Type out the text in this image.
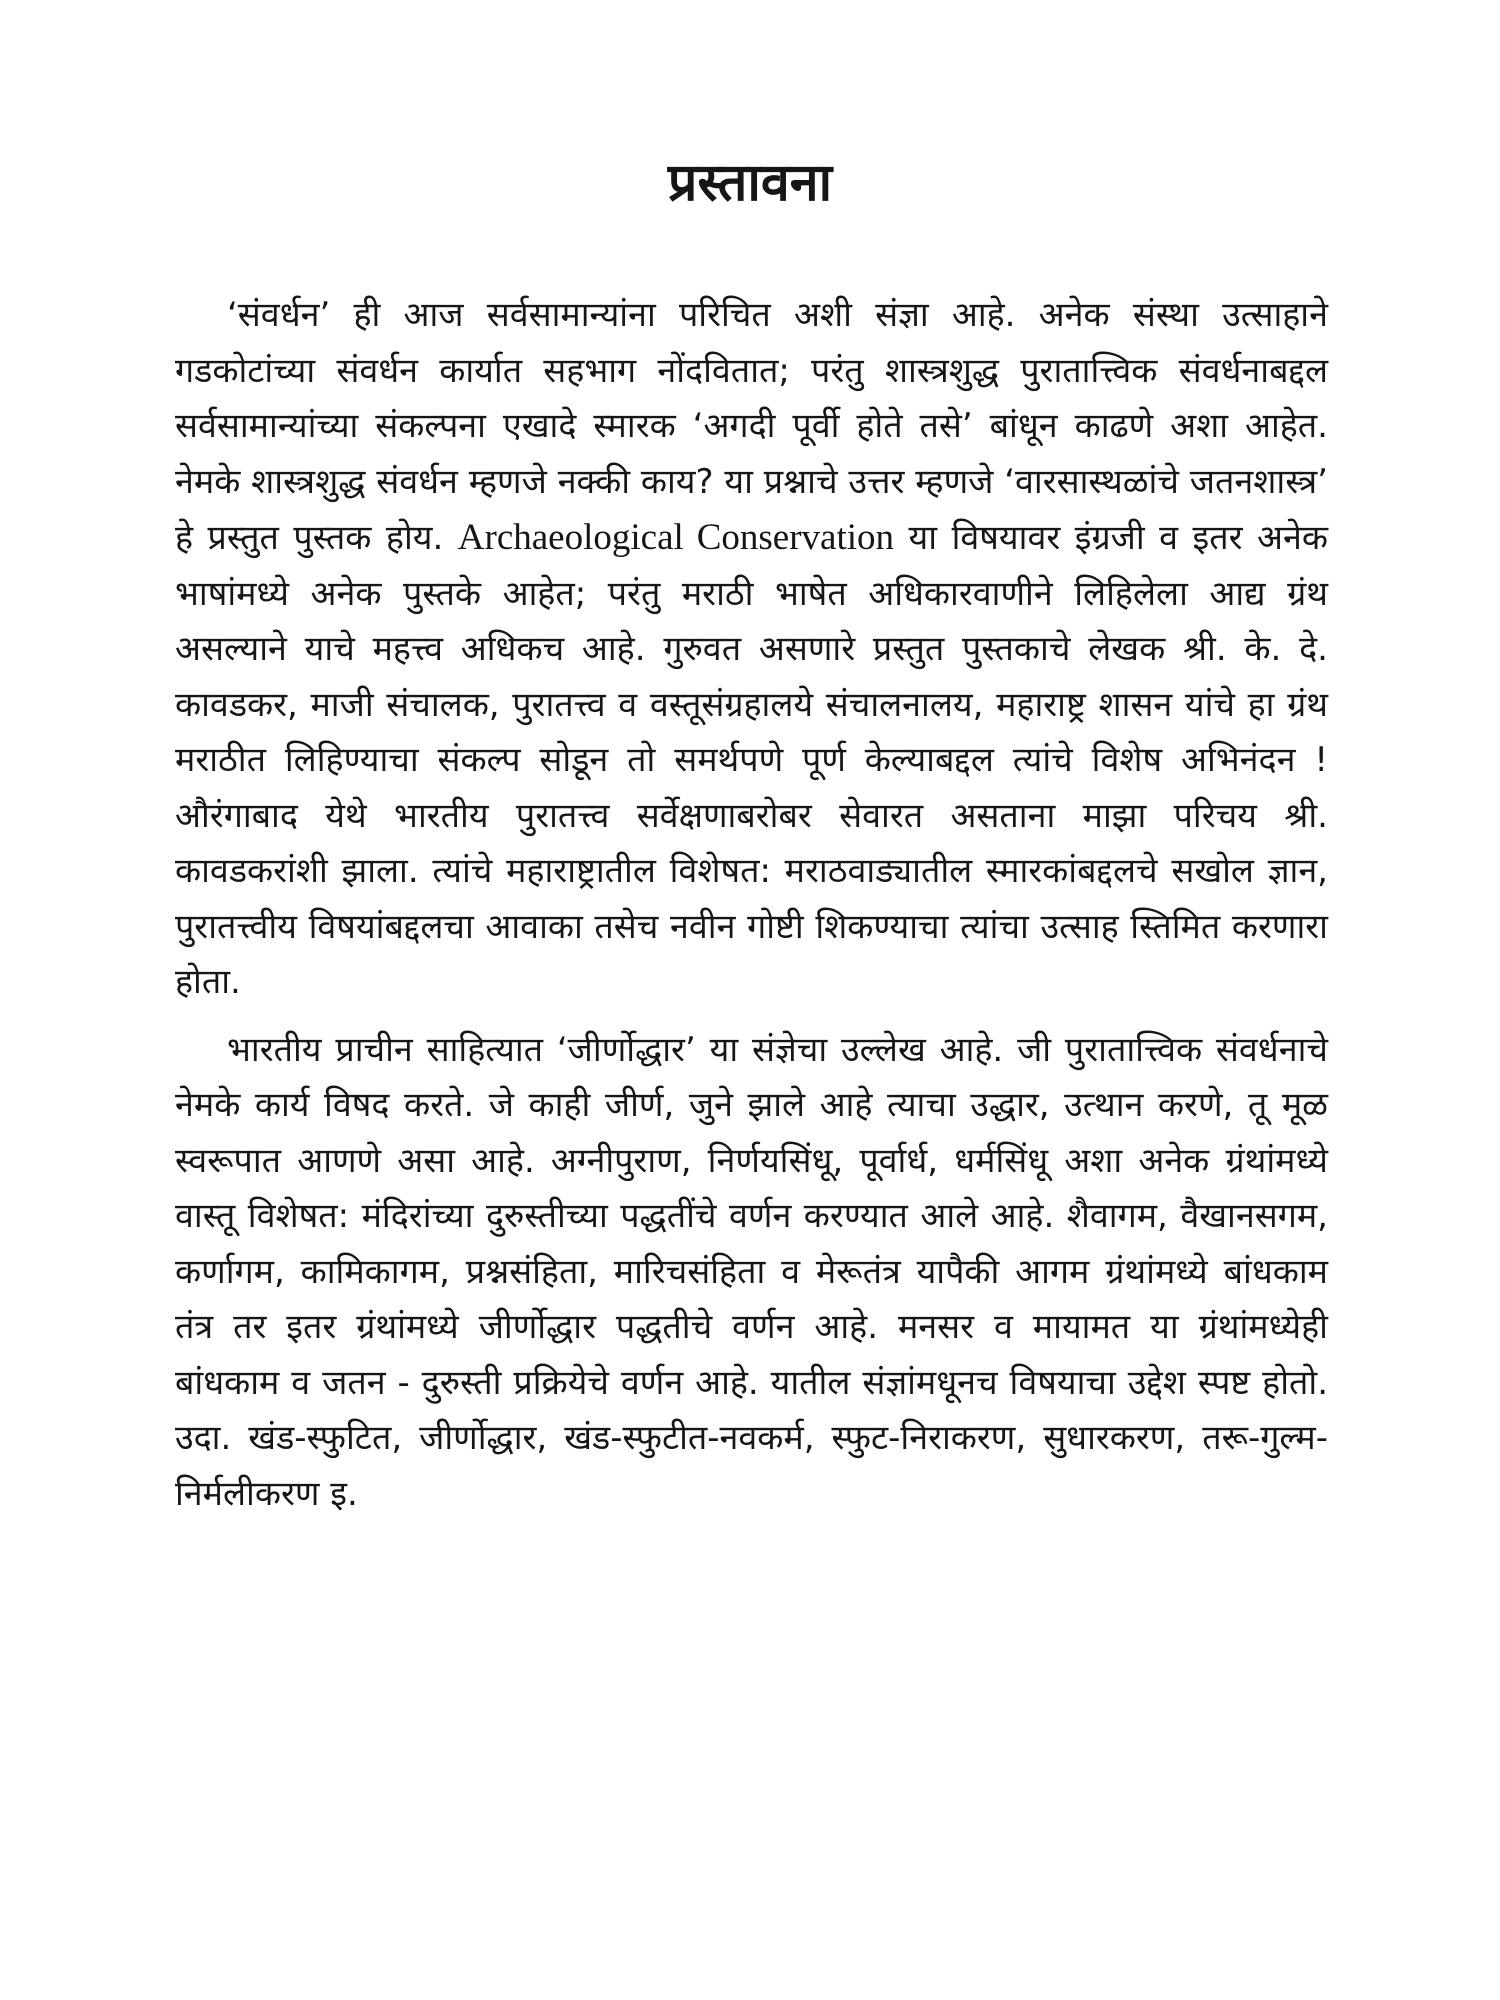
प्रस्तावना

‘संवर्धन’ ही आज सर्वसामान्यांना परिचित अशी संज्ञा आहे. अनेक संस्था उत्साहाने गडकोटांच्या संवर्धन कार्यात सहभाग नोंदवितात; परंतु शास्त्रशुद्ध पुरातात्त्विक संवर्धनाबद्दल सर्वसामान्यांच्या संकल्पना एखादे स्मारक ‘अगदी पूर्वी होते तसे’ बांधून काढणे अशा आहेत. नेमके शास्त्रशुद्ध संवर्धन म्हणजे नक्की काय? या प्रश्नाचे उत्तर म्हणजे ‘वारसास्थळांचे जतनशास्त्र’ हे प्रस्तुत पुस्तक होय. Archaeological Conservation या विषयावर इंग्रजी व इतर अनेक भाषांमध्ये अनेक पुस्तके आहेत; परंतु मराठी भाषेत अधिकारवाणीने लिहिलेला आद्य ग्रंथ असल्याने याचे महत्त्व अधिकच आहे. गुरुवत असणारे प्रस्तुत पुस्तकाचे लेखक श्री. के. दे. कावडकर, माजी संचालक, पुरातत्त्व व वस्तूसंग्रहालये संचालनालय, महाराष्ट्र शासन यांचे हा ग्रंथ मराठीत लिहिण्याचा संकल्प सोडून तो समर्थपणे पूर्ण केल्याबद्दल त्यांचे विशेष अभिनंदन ! औरंगाबाद येथे भारतीय पुरातत्त्व सर्वेक्षणाबरोबर सेवारत असताना माझा परिचय श्री. कावडकरांशी झाला. त्यांचे महाराष्ट्रातील विशेषत: मराठवाड्यातील स्मारकांबद्दलचे सखोल ज्ञान, पुरातत्त्वीय विषयांबद्दलचा आवाका तसेच नवीन गोष्टी शिकण्याचा त्यांचा उत्साह स्तिमित करणारा होता.

भारतीय प्राचीन साहित्यात ‘जीर्णोद्धार’ या संज्ञेचा उल्लेख आहे. जी पुरातात्त्विक संवर्धनाचे नेमके कार्य विषद करते. जे काही जीर्ण, जुने झाले आहे त्याचा उद्धार, उत्थान करणे, तू मूळ स्वरूपात आणणे असा आहे. अग्नीपुराण, निर्णयसिंधू, पूर्वार्ध, धर्मसिंधू अशा अनेक ग्रंथांमध्ये वास्तू विशेषत: मंदिरांच्या दुरुस्तीच्या पद्धतींचे वर्णन करण्यात आले आहे. शैवागम, वैखानसगम, कर्णागम, कामिकागम, प्रश्नसंहिता, मारिचसंहिता व मेरूतंत्र यापैकी आगम ग्रंथांमध्ये बांधकाम तंत्र तर इतर ग्रंथांमध्ये जीर्णोद्धार पद्धतीचे वर्णन आहे. मनसर व मायामत या ग्रंथांमध्येही बांधकाम व जतन - दुरुस्ती प्रक्रियेचे वर्णन आहे. यातील संज्ञांमधूनच विषयाचा उद्देश स्पष्ट होतो. उदा. खंड-स्फुटित, जीर्णोद्धार, खंड-स्फुटीत-नवकर्म, स्फुट-निराकरण, सुधारकरण, तरू-गुल्म-निर्मलीकरण इ.
